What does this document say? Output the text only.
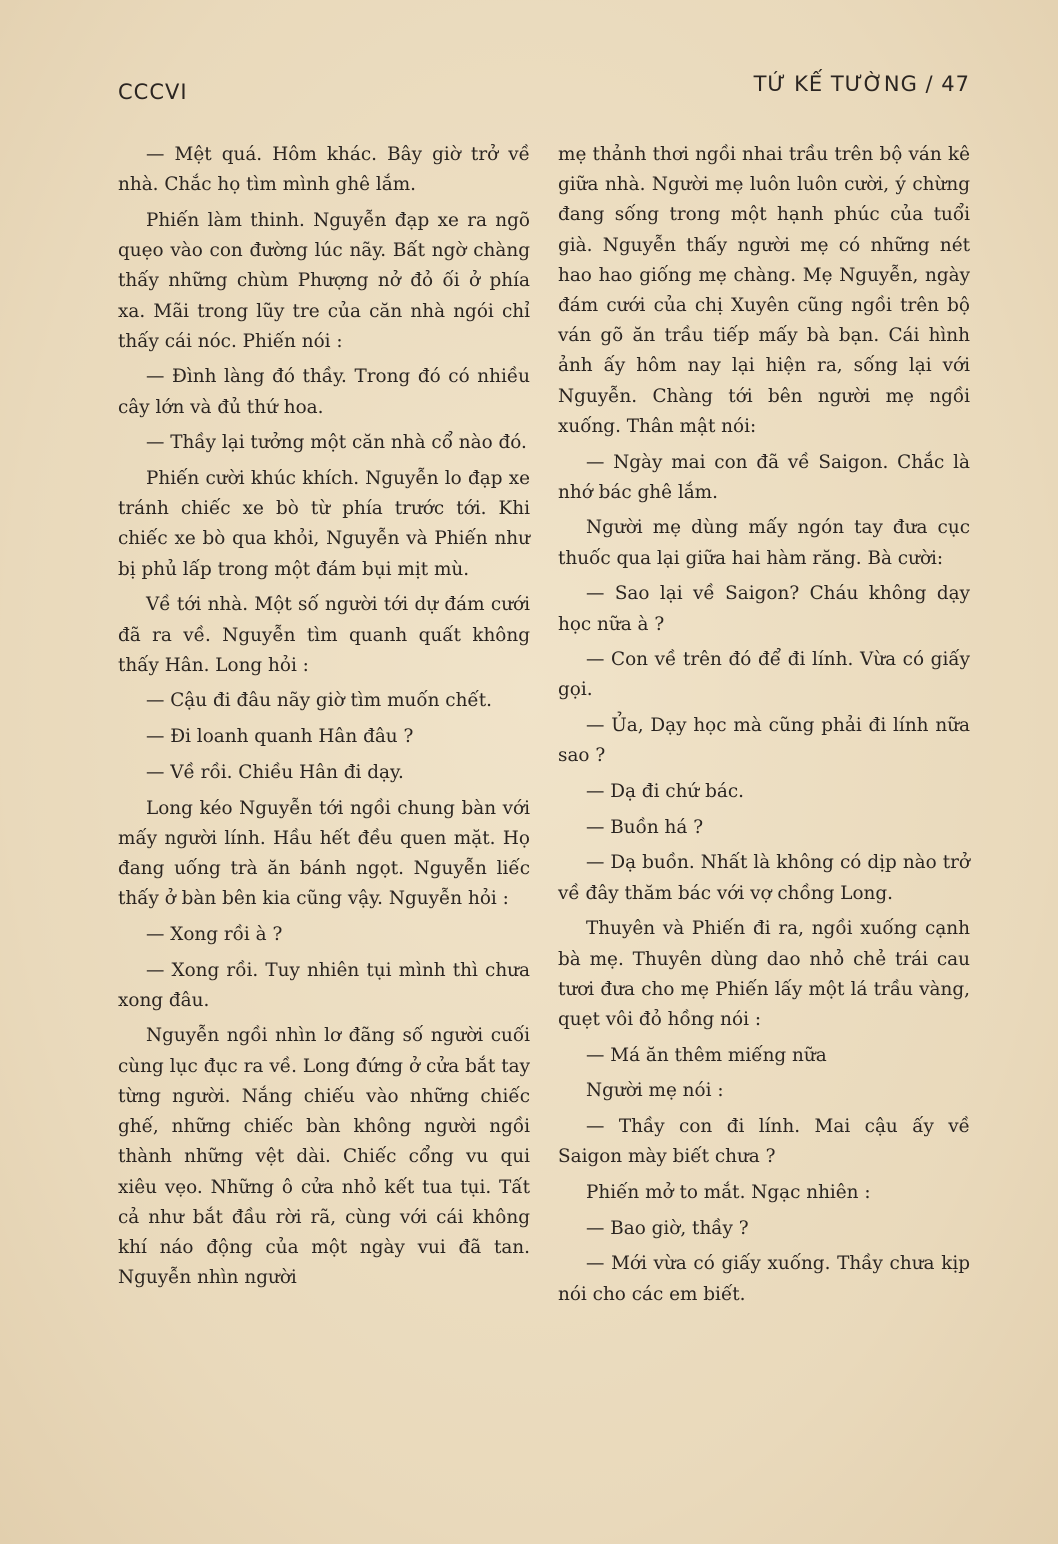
CCCVI	TỨ KẾ TƯỜNG / 47

— Mệt quá. Hôm khác. Bây giờ trở về nhà. Chắc họ tìm mình ghê lắm.

Phiến làm thinh. Nguyễn đạp xe ra ngõ quẹo vào con đường lúc nãy. Bất ngờ chàng thấy những chùm Phượng nở đỏ ối ở phía xa. Mãi trong lũy tre của căn nhà ngói chỉ thấy cái nóc. Phiến nói :

— Đình làng đó thầy. Trong đó có nhiều cây lớn và đủ thứ hoa.

— Thầy lại tưởng một căn nhà cổ nào đó.

Phiến cười khúc khích. Nguyễn lo đạp xe tránh chiếc xe bò từ phía trước tới. Khi chiếc xe bò qua khỏi, Nguyễn và Phiến như bị phủ lấp trong một đám bụi mịt mù.

Về tới nhà. Một số người tới dự đám cưới đã ra về. Nguyễn tìm quanh quất không thấy Hân. Long hỏi :

— Cậu đi đâu nãy giờ tìm muốn chết.

— Đi loanh quanh Hân đâu ?

— Về rồi. Chiều Hân đi dạy.

Long kéo Nguyễn tới ngồi chung bàn với mấy người lính. Hầu hết đều quen mặt. Họ đang uống trà ăn bánh ngọt. Nguyễn liếc thấy ở bàn bên kia cũng vậy. Nguyễn hỏi :

— Xong rồi à ?

— Xong rồi. Tuy nhiên tụi mình thì chưa xong đâu.

Nguyễn ngồi nhìn lơ đãng số người cuối cùng lục đục ra về. Long đứng ở cửa bắt tay từng người. Nắng chiếu vào những chiếc ghế, những chiếc bàn không người ngồi thành những vệt dài. Chiếc cổng vu qui xiêu vẹo. Những ô cửa nhỏ kết tua tụi. Tất cả như bắt đầu rời rã, cùng với cái không khí náo động của một ngày vui đã tan. Nguyễn nhìn người

mẹ thảnh thơi ngồi nhai trầu trên bộ ván kê giữa nhà. Người mẹ luôn luôn cười, ý chừng đang sống trong một hạnh phúc của tuổi già. Nguyễn thấy người mẹ có những nét hao hao giống mẹ chàng. Mẹ Nguyễn, ngày đám cưới của chị Xuyên cũng ngồi trên bộ ván gõ ăn trầu tiếp mấy bà bạn. Cái hình ảnh ấy hôm nay lại hiện ra, sống lại với Nguyễn. Chàng tới bên người mẹ ngồi xuống. Thân mật nói:

— Ngày mai con đã về Saigon. Chắc là nhớ bác ghê lắm.

Người mẹ dùng mấy ngón tay đưa cục thuốc qua lại giữa hai hàm răng. Bà cười:

— Sao lại về Saigon? Cháu không dạy học nữa à ?

— Con về trên đó để đi lính. Vừa có giấy gọi.

— Ủa, Dạy học mà cũng phải đi lính nữa sao ?

— Dạ đi chứ bác.

— Buồn há ?

— Dạ buồn. Nhất là không có dịp nào trở về đây thăm bác với vợ chồng Long.

Thuyên và Phiến đi ra, ngồi xuống cạnh bà mẹ. Thuyên dùng dao nhỏ chẻ trái cau tươi đưa cho mẹ Phiến lấy một lá trầu vàng, quẹt vôi đỏ hồng nói :

— Má ăn thêm miếng nữa

Người mẹ nói :

— Thầy con đi lính. Mai cậu ấy về Saigon mày biết chưa ?

Phiến mở to mắt. Ngạc nhiên :

— Bao giờ, thầy ?

— Mới vừa có giấy xuống. Thầy chưa kịp nói cho các em biết.
